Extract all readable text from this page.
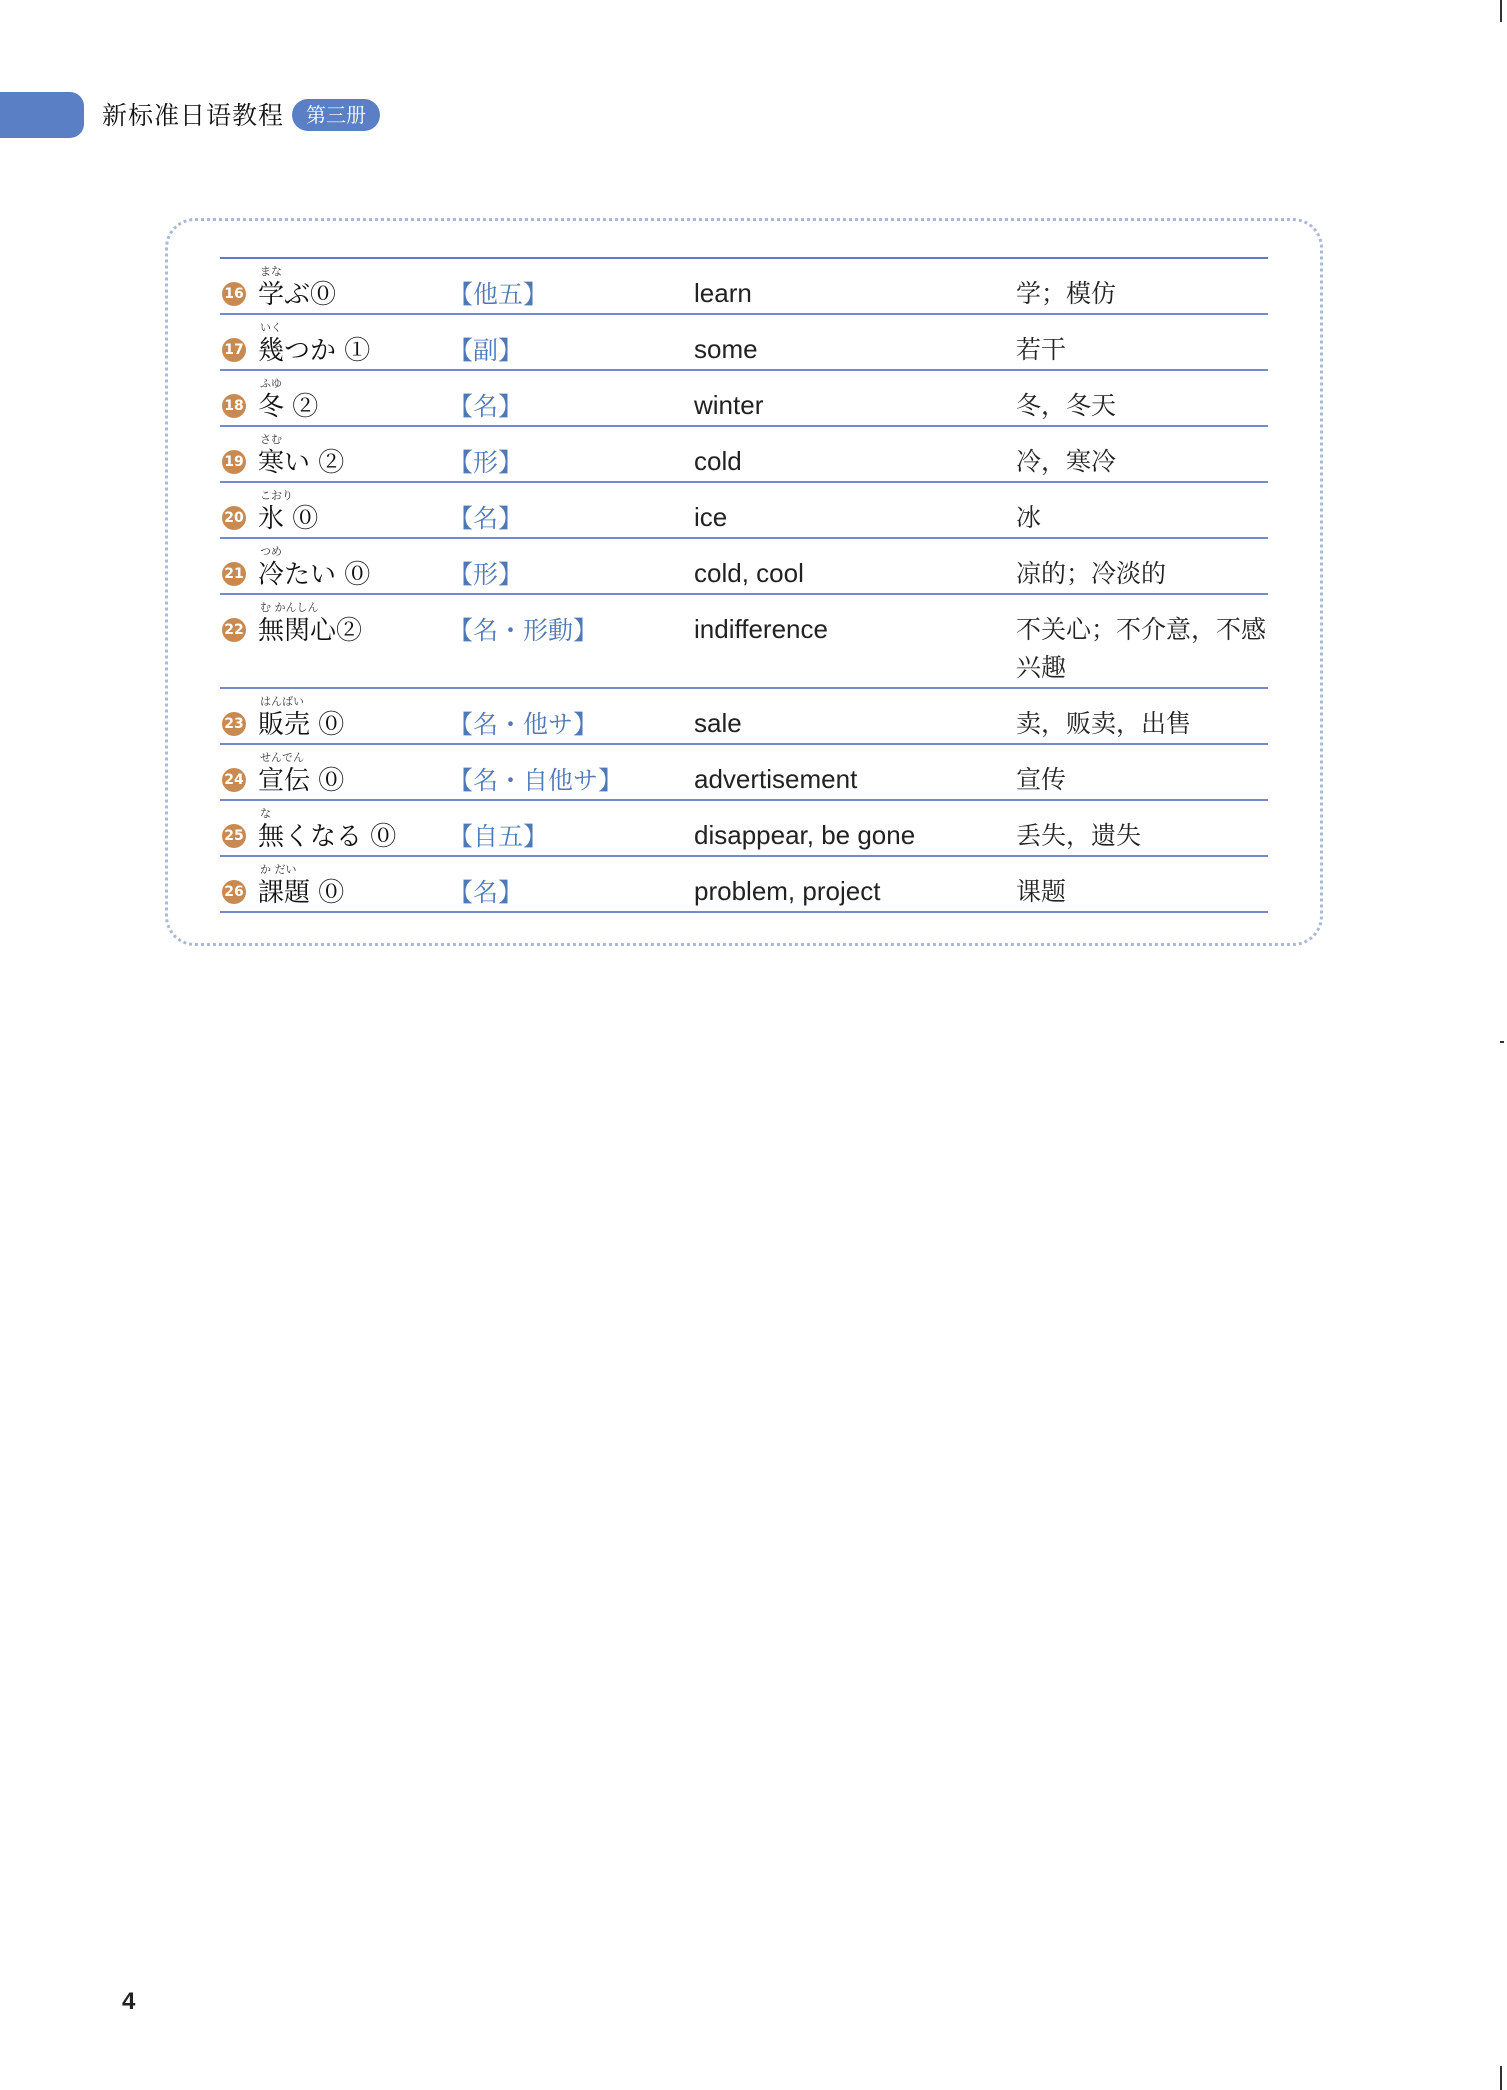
新标准日语教程	第三册
16
まな
学ぶ⓪	【他五】	learn	学；模仿
17
いく
幾つか ①	【副】	some	若干
18
ふゆ
冬 ②	【名】	winter	冬，冬天
19
さむ
寒い ②	【形】	cold	冷，寒冷
20
こおり
氷 ⓪	【名】	ice	冰
21
つめ
冷たい ⓪	【形】	cold, cool	凉的；冷淡的
22
む かんしん
無関心②	【名・形動】	indifference	不关心；不介意，不感兴趣
23
はんばい
販売 ⓪	【名・他サ】	sale	卖，贩卖，出售
24
せんでん
宣伝 ⓪	【名・自他サ】	advertisement	宣传
25
な
無くなる ⓪ 【自五】	disappear, be gone	丢失，遗失
26
か だい
課題 ⓪	【名】	problem, project	课题
4
